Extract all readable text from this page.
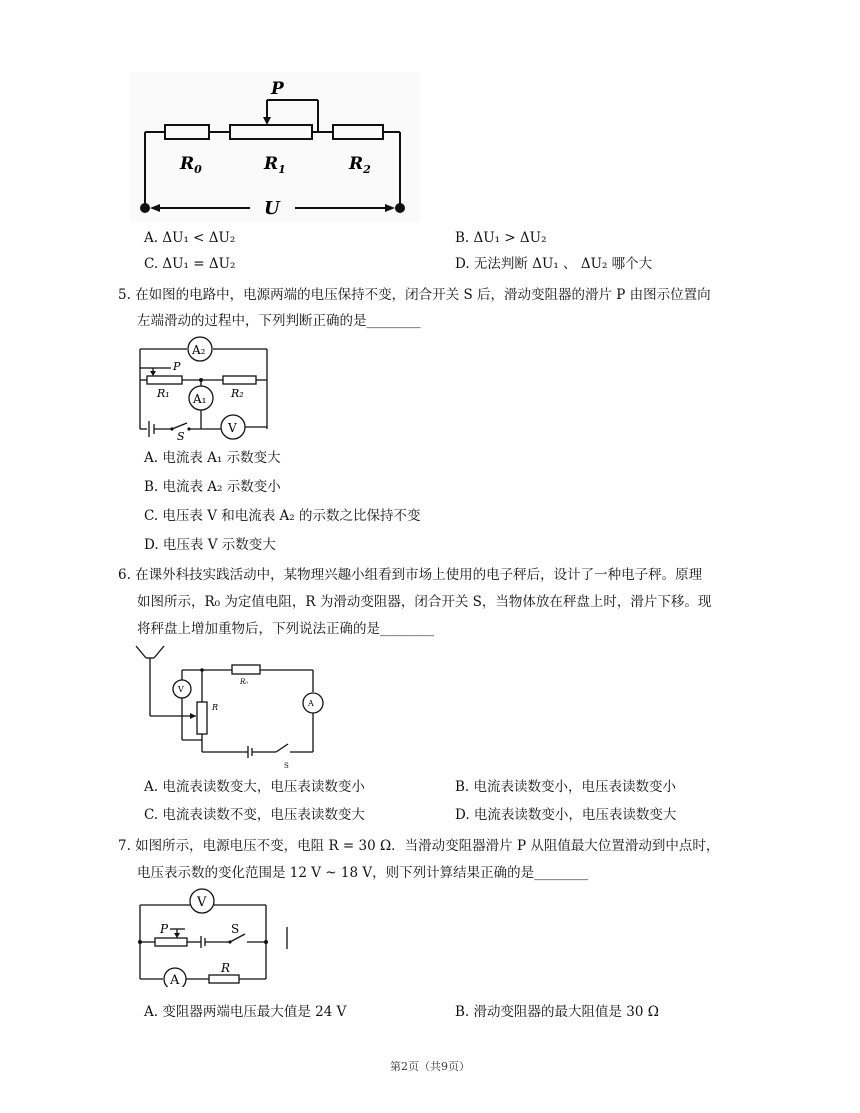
P
$R_0$	$R_1$	$R_2$
U
A. ΔU₁ < ΔU₂	B. ΔU₁ > ΔU₂
C. ΔU₁ = ΔU₂	D. 无法判断 ΔU₁ 、 ΔU₂ 哪个大
5. 在如图的电路中，电源两端的电压保持不变，闭合开关 S 后，滑动变阻器的滑片 P 由图示位置向
左端滑动的过程中，下列判断正确的是________
A₂
A₁
V
P
R₁	R₂
S
A. 电流表 A₁ 示数变大
B. 电流表 A₂ 示数变小
C. 电压表 V 和电流表 A₂ 的示数之比保持不变
D. 电压表 V 示数变大
6. 在课外科技实践活动中，某物理兴趣小组看到市场上使用的电子秤后，设计了一种电子秤。原理
如图所示，R₀ 为定值电阻，R 为滑动变阻器，闭合开关 S，当物体放在秤盘上时，滑片下移。现
将秤盘上增加重物后，下列说法正确的是________
V
A
R₀
R
S
A. 电流表读数变大，电压表读数变小	B. 电流表读数变小，电压表读数变小
C. 电流表读数不变，电压表读数变大	D. 电流表读数变小，电压表读数变大
7. 如图所示，电源电压不变，电阻 R = 30 Ω．当滑动变阻器滑片 P 从阻值最大位置滑动到中点时，
电压表示数的变化范围是 12 V ~ 18 V，则下列计算结果正确的是________
V
A
P	S
R
A. 变阻器两端电压最大值是 24 V	B. 滑动变阻器的最大阻值是 30 Ω
第2页（共9页）
